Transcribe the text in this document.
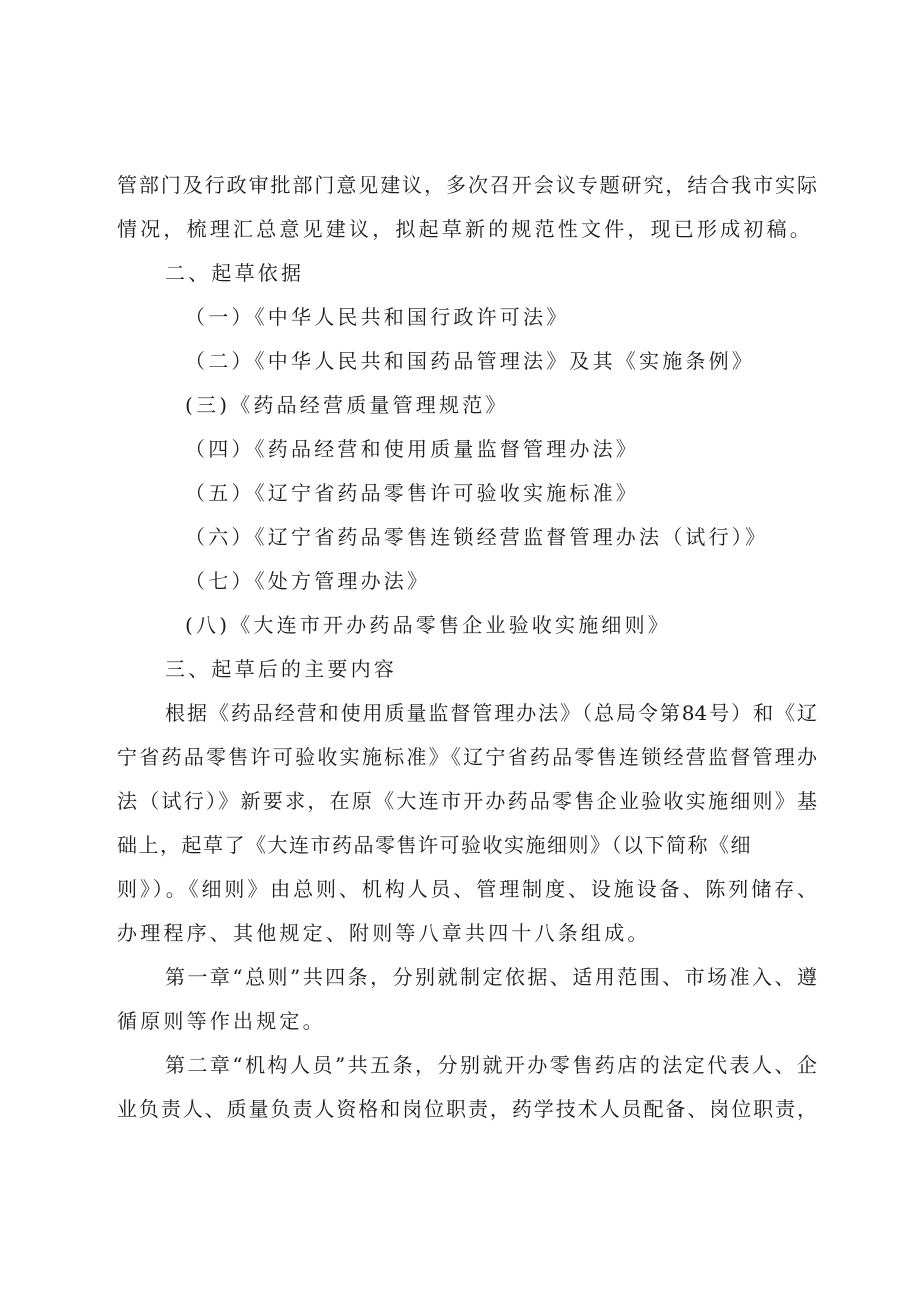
管部门及行政审批部门意见建议，多次召开会议专题研究，结合我市实际
情况，梳理汇总意见建议，拟起草新的规范性文件，现已形成初稿。
二、起草依据
（一）《中华人民共和国行政许可法》
（二）《中华人民共和国药品管理法》及其《实施条例》
(三)《药品经营质量管理规范》
（四）《药品经营和使用质量监督管理办法》
（五）《辽宁省药品零售许可验收实施标准》
（六）《辽宁省药品零售连锁经营监督管理办法（试行）》
（七）《处方管理办法》
(八)《大连市开办药品零售企业验收实施细则》
三、起草后的主要内容
根据《药品经营和使用质量监督管理办法》（总局令第84号）和《辽
宁省药品零售许可验收实施标准》《辽宁省药品零售连锁经营监督管理办
法（试行）》新要求，在原《大连市开办药品零售企业验收实施细则》基
础上，起草了《大连市药品零售许可验收实施细则》（以下简称《细
则》）。《细则》由总则、机构人员、管理制度、设施设备、陈列储存、
办理程序、其他规定、附则等八章共四十八条组成。
第一章“总则”共四条，分别就制定依据、适用范围、市场准入、遵
循原则等作出规定。
第二章“机构人员”共五条，分别就开办零售药店的法定代表人、企
业负责人、质量负责人资格和岗位职责，药学技术人员配备、岗位职责，
